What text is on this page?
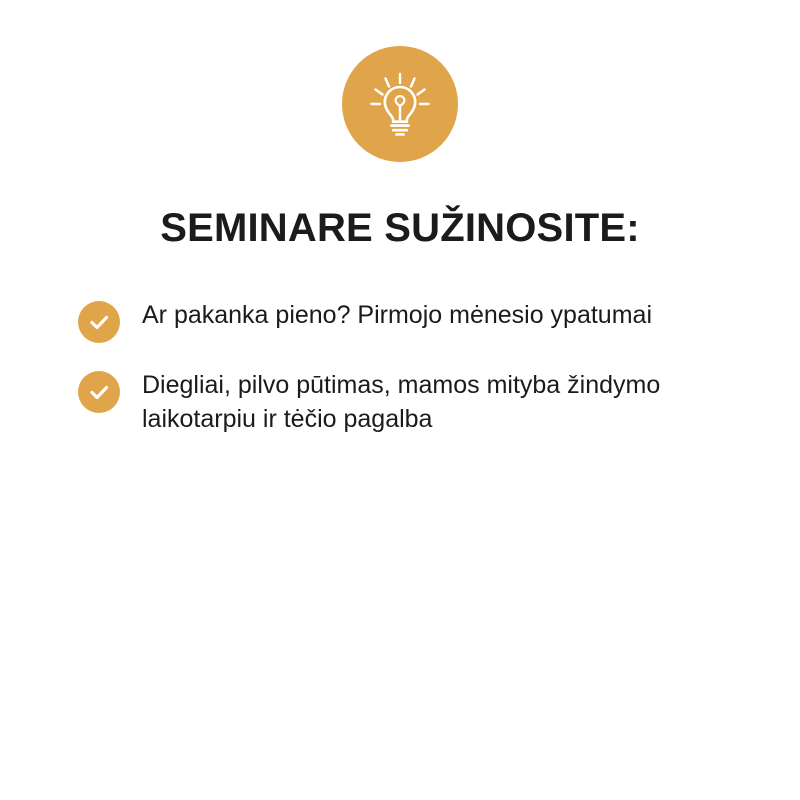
SEMINARE SUŽINOSITE:
Ar pakanka pieno? Pirmojo mėnesio ypatumai
Diegliai, pilvo pūtimas, mamos mityba žindymo laikotarpiu ir tėčio pagalba
